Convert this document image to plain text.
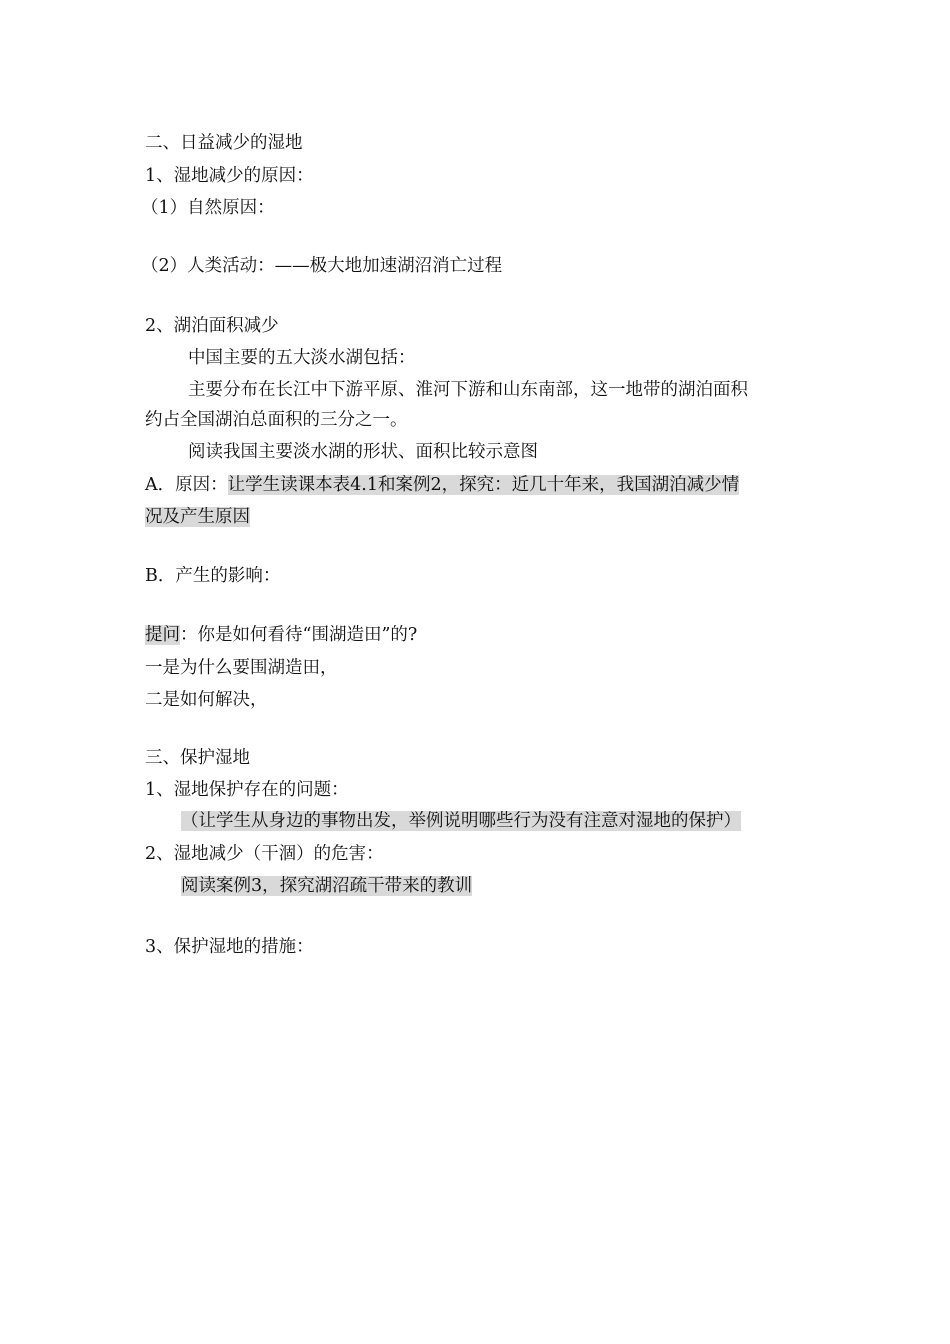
二、日益减少的湿地
1、湿地减少的原因：
（1）自然原因：
（2）人类活动：——极大地加速湖沼消亡过程
2、湖泊面积减少
中国主要的五大淡水湖包括：
主要分布在长江中下游平原、淮河下游和山东南部，这一地带的湖泊面积
约占全国湖泊总面积的三分之一。
阅读我国主要淡水湖的形状、面积比较示意图
A．原因：让学生读课本表4.1和案例2，探究：近几十年来，我国湖泊减少情
况及产生原因
B．产生的影响：
提问：你是如何看待“围湖造田”的?
一是为什么要围湖造田，
二是如何解决，
三、保护湿地
1、湿地保护存在的问题：
（让学生从身边的事物出发，举例说明哪些行为没有注意对湿地的保护）
2、湿地减少（干涸）的危害：
阅读案例3，探究湖沼疏干带来的教训
3、保护湿地的措施：
